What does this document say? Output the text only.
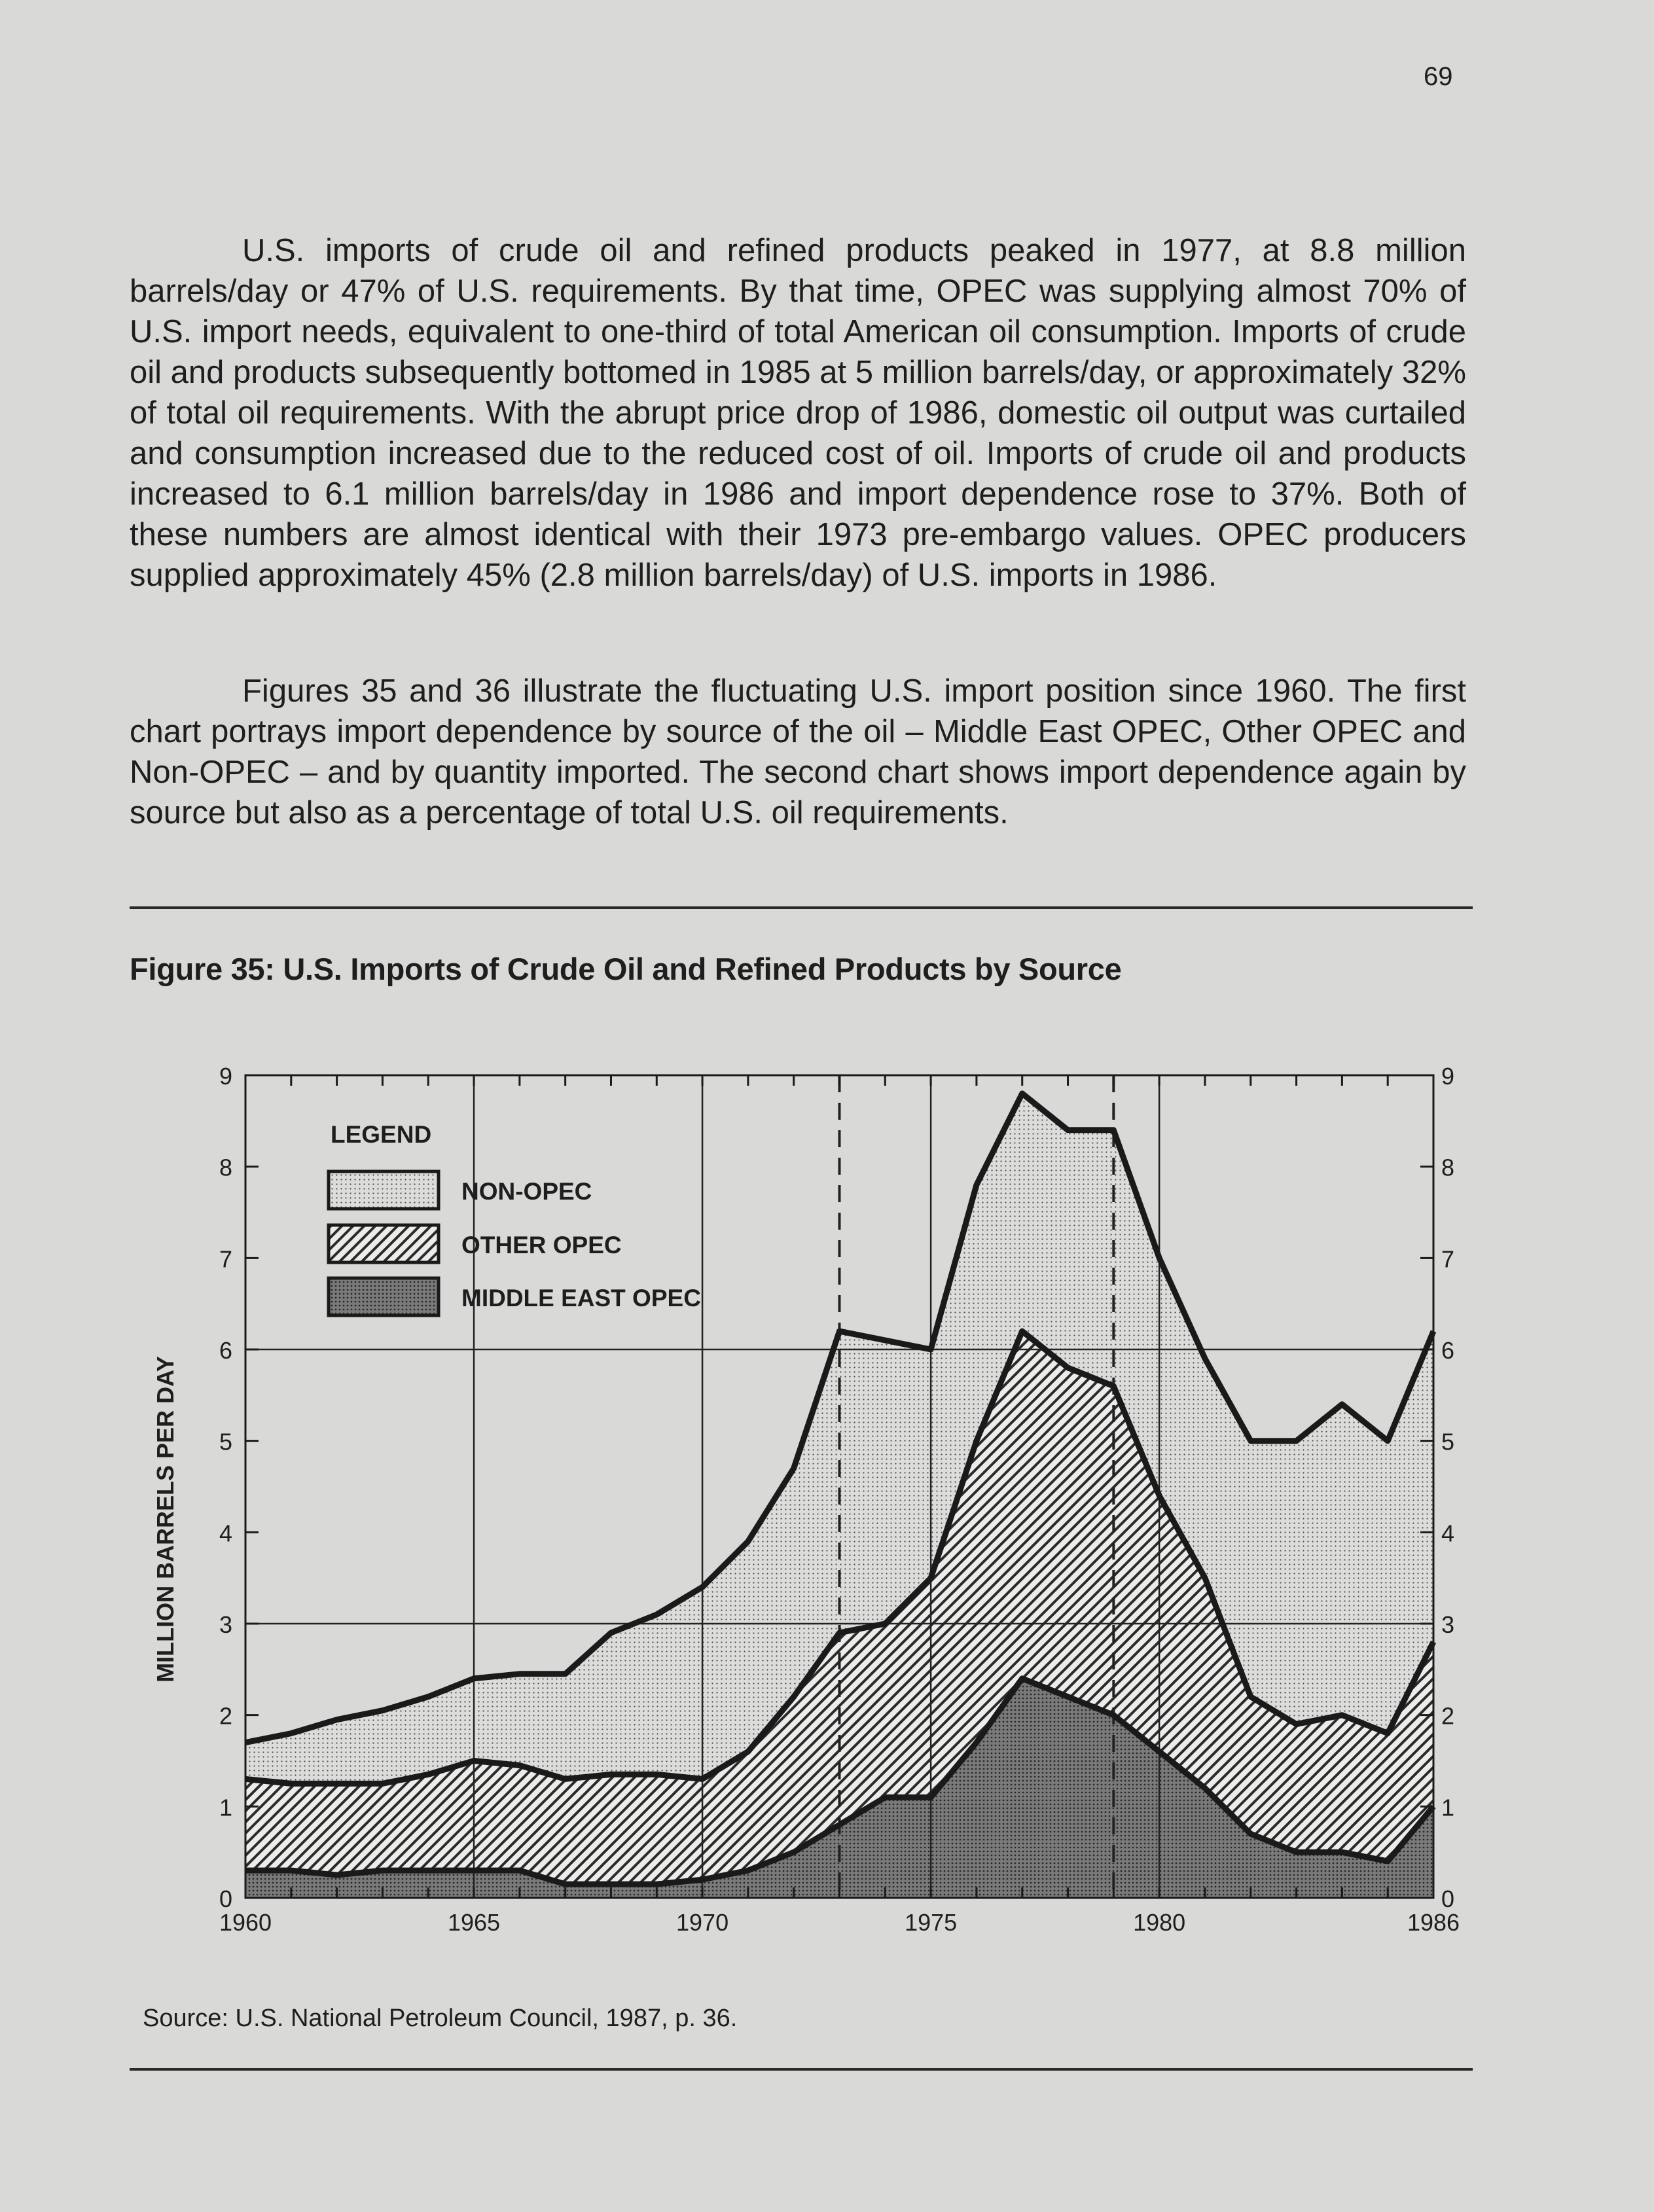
69

U.S. imports of crude oil and refined products peaked in 1977, at 8.8 million barrels/day or 47% of U.S. requirements. By that time, OPEC was supplying almost 70% of U.S. import needs, equivalent to one-third of total American oil consumption. Imports of crude oil and products subsequently bottomed in 1985 at 5 million barrels/day, or approximately 32% of total oil requirements. With the abrupt price drop of 1986, domestic oil output was curtailed and consumption increased due to the reduced cost of oil. Imports of crude oil and products increased to 6.1 million barrels/day in 1986 and import dependence rose to 37%. Both of these numbers are almost identical with their 1973 pre-embargo values. OPEC producers supplied approximately 45% (2.8 million barrels/day) of U.S. imports in 1986.

Figures 35 and 36 illustrate the fluctuating U.S. import position since 1960. The first chart portrays import dependence by source of the oil – Middle East OPEC, Other OPEC and Non-OPEC – and by quantity imported. The second chart shows import dependence again by source but also as a percentage of total U.S. oil requirements.

Figure 35: U.S. Imports of Crude Oil and Refined Products by Source
0	0
1	1
2	2
3	3
4	4
5	5
6	6
7	7
8	8
9	9
1960	1965	1970	1975	1980	1986
MILLION BARRELS PER DAY
LEGEND
NON-OPEC
OTHER OPEC
MIDDLE EAST OPEC
Source: U.S. National Petroleum Council, 1987, p. 36.
